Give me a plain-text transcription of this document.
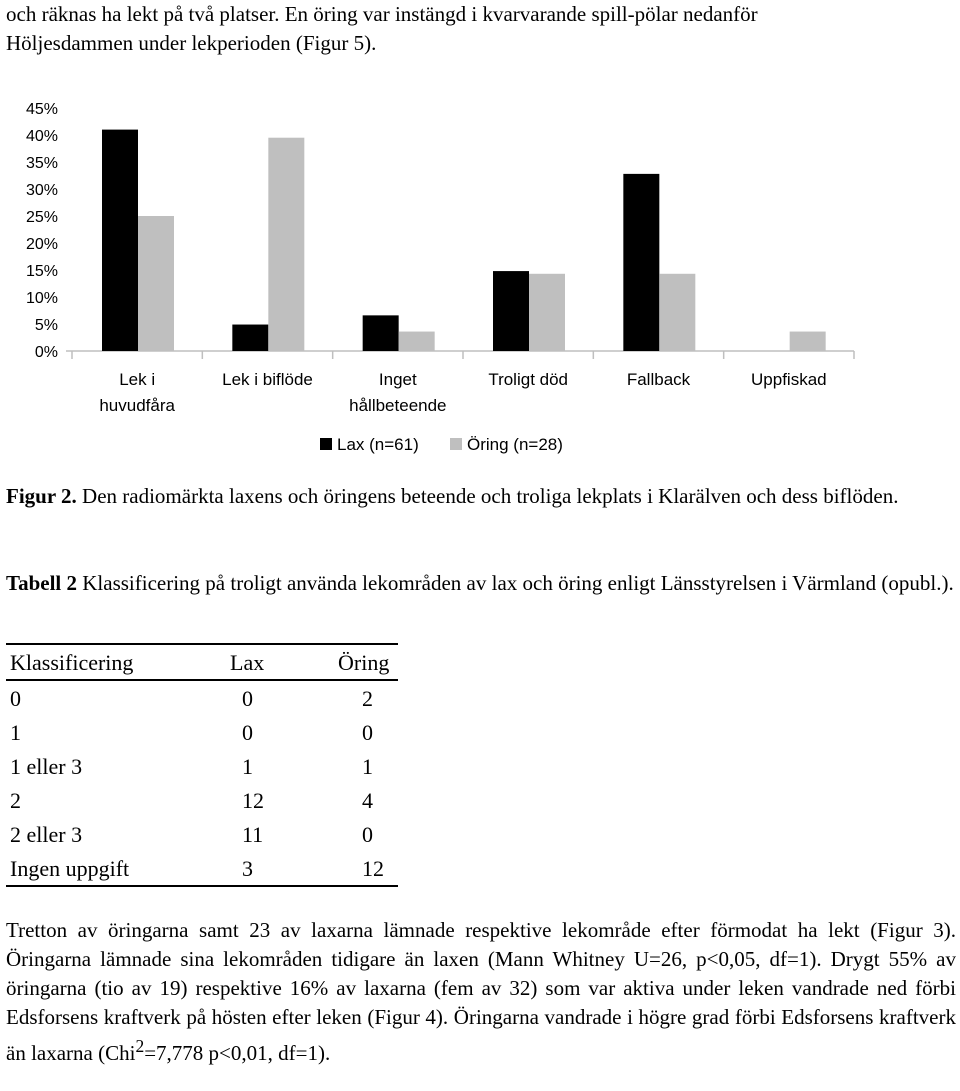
och räknas ha lekt på två platser. En öring var instängd i kvarvarande spill-pölar nedanför
Höljesdammen under lekperioden (Figur 5).

0%
5%
10%
15%
20%
25%
30%
35%
40%
45%
Lek i
huvudfåra
Lek i biflöde	Inget
hållbeteende
Troligt död	Fallback	Uppfiskad
Lax (n=61)	Öring (n=28)

Figur 2. Den radiomärkta laxens och öringens beteende och troliga lekplats i Klarälven och dess biflöden.

Tabell 2 Klassificering på troligt använda lekområden av lax och öring enligt Länsstyrelsen i Värmland (opubl.).

Klassificering	Lax	Öring
0	0	2
1	0	0
1 eller 3	1	1
2	12	4
2 eller 3	11	0
Ingen uppgift	3	12

Tretton av öringarna samt 23 av laxarna lämnade respektive lekområde efter förmodat ha lekt (Figur 3). Öringarna lämnade sina lekområden tidigare än laxen (Mann Whitney U=26, p<0,05, df=1). Drygt 55% av öringarna (tio av 19) respektive 16% av laxarna (fem av 32) som var aktiva under leken vandrade ned förbi Edsforsens kraftverk på hösten efter leken (Figur 4). Öringarna vandrade i högre grad förbi Edsforsens kraftverk än laxarna (Chi$^2$=7,778 p<0,01, df=1).
